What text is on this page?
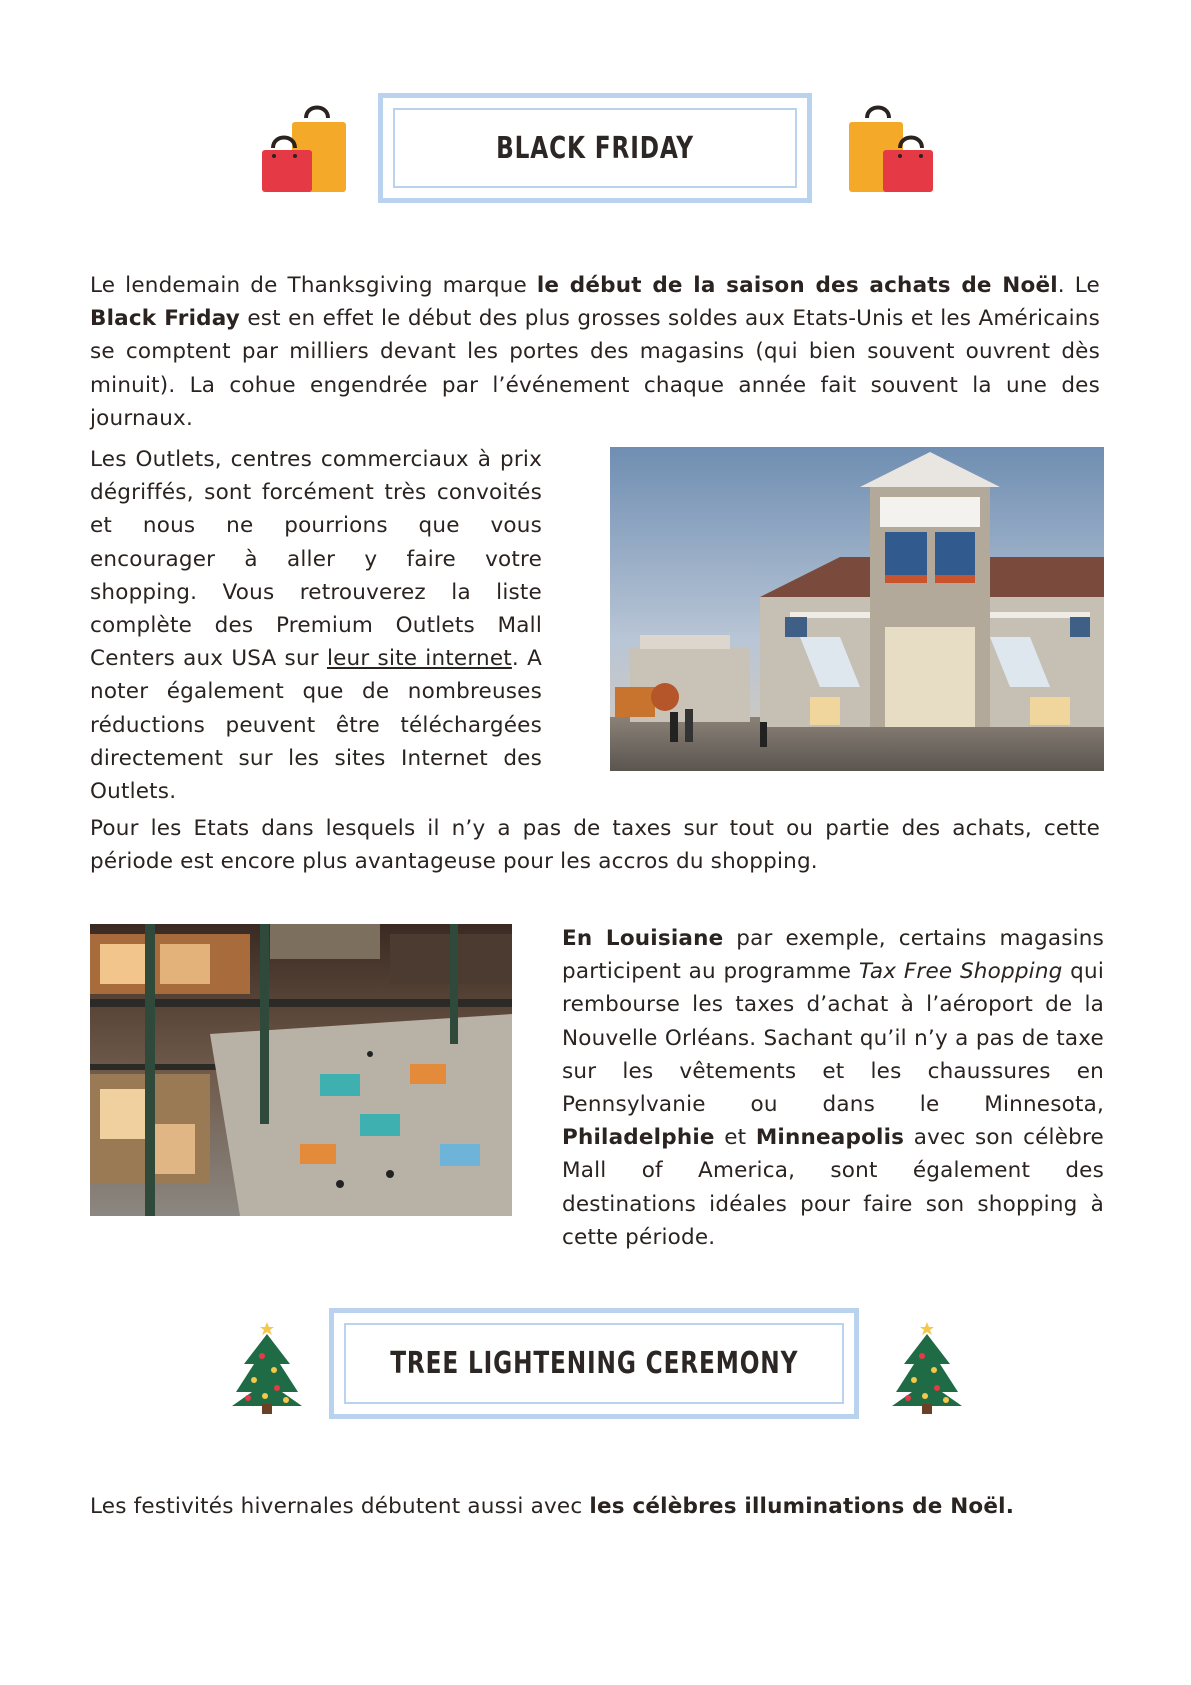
BLACK FRIDAY

Le lendemain de Thanksgiving marque le début de la saison des achats de Noël. Le Black Friday est en effet le début des plus grosses soldes aux Etats-Unis et les Américains se comptent par milliers devant les portes des magasins (qui bien souvent ouvrent dès minuit). La cohue engendrée par l’événement chaque année fait souvent la une des journaux.

Les Outlets, centres commerciaux à prix dégriffés, sont forcément très convoités et nous ne pourrions que vous encourager à aller y faire votre shopping. Vous retrouverez la liste complète des Premium Outlets Mall Centers aux USA sur leur site internet. A noter également que de nombreuses réductions peuvent être téléchargées directement sur les sites Internet des Outlets.

Pour les Etats dans lesquels il n’y a pas de taxes sur tout ou partie des achats, cette période est encore plus avantageuse pour les accros du shopping.

En Louisiane par exemple, certains magasins participent au programme Tax Free Shopping qui rembourse les taxes d’achat à l’aéroport de la Nouvelle Orléans. Sachant qu’il n’y a pas de taxe sur les vêtements et les chaussures en Pennsylvanie ou dans le Minnesota, Philadelphie et Minneapolis avec son célèbre Mall of America, sont également des destinations idéales pour faire son shopping à cette période.

TREE LIGHTENING CEREMONY

Les festivités hivernales débutent aussi avec les célèbres illuminations de Noël.
